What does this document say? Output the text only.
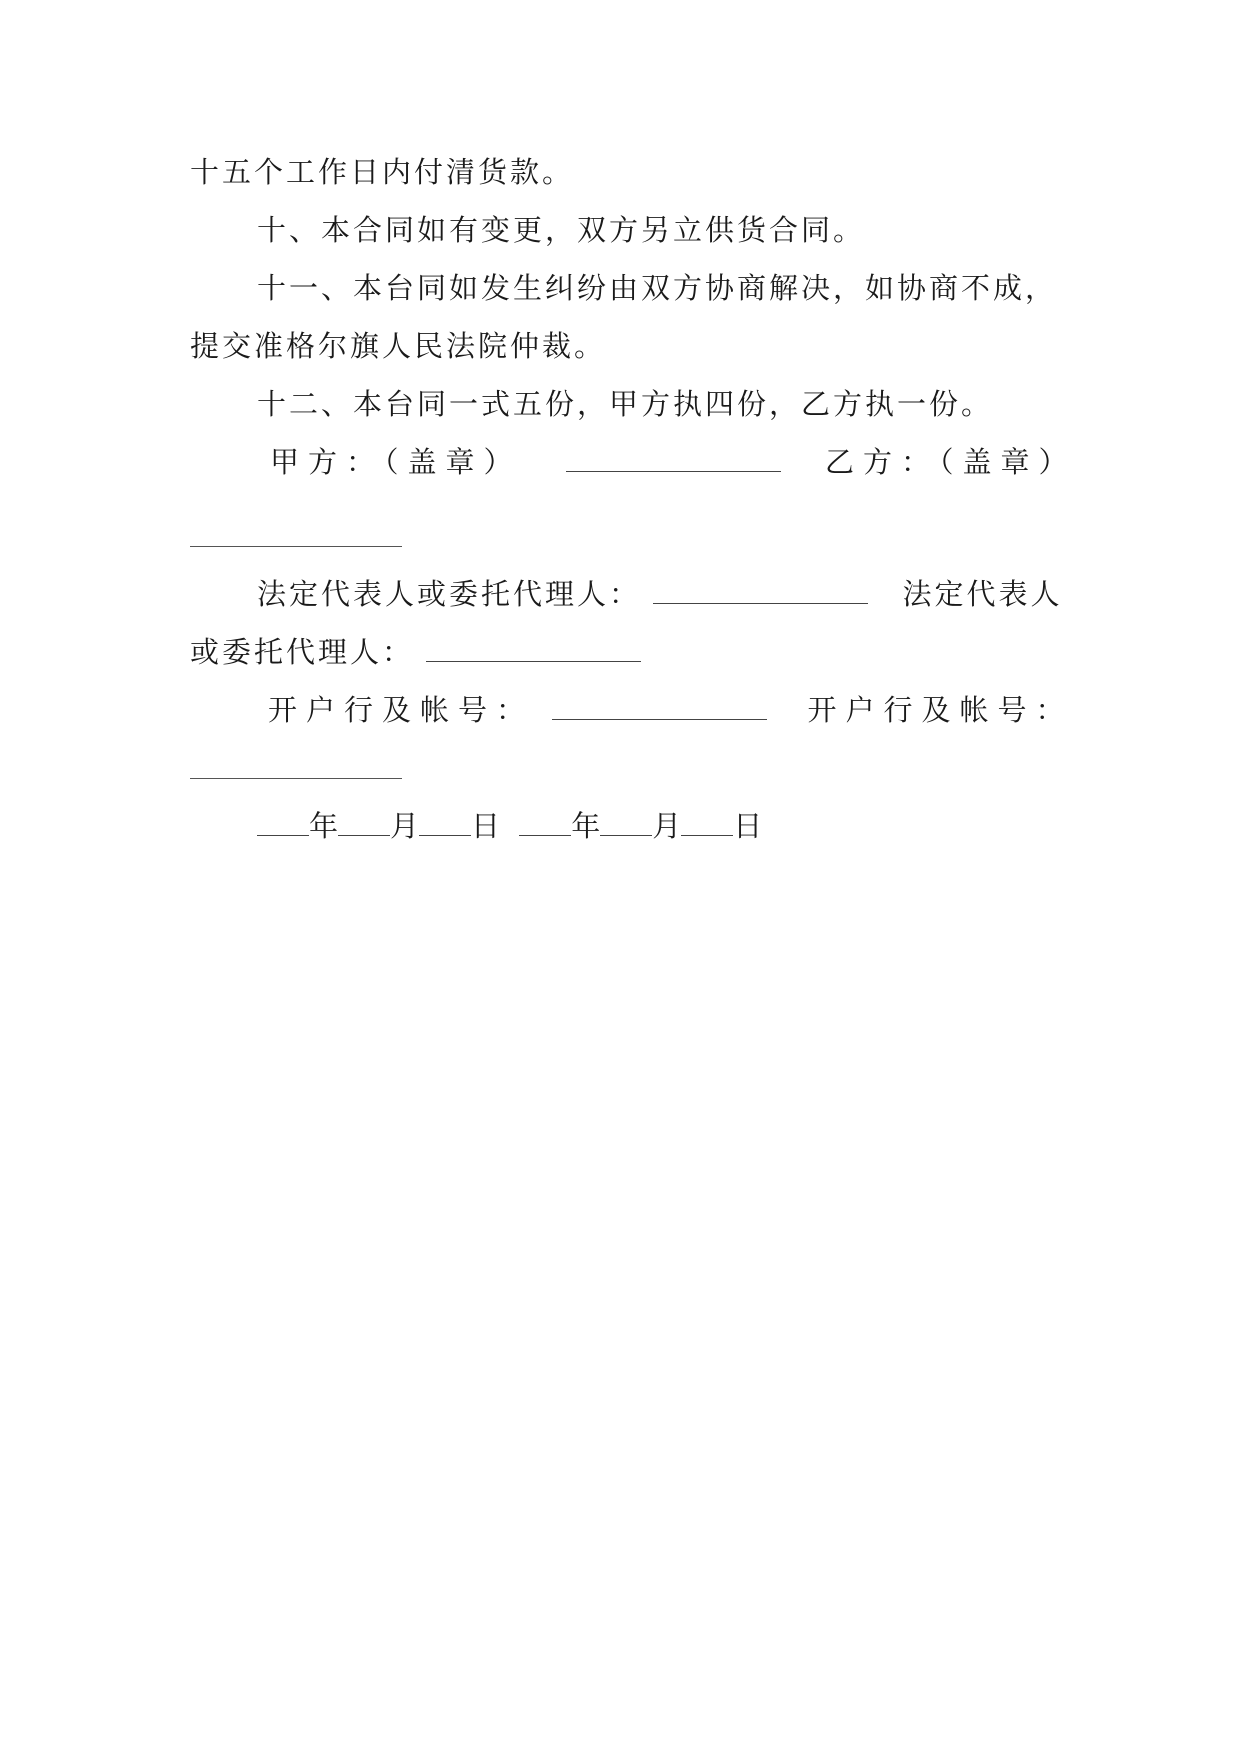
十五个工作日内付清货款。
十、本合同如有变更，双方另立供货合同。
十一、本台同如发生纠纷由双方协商解决，如协商不成，
提交准格尔旗人民法院仲裁。
十二、本台同一式五份，甲方执四份，乙方执一份。
甲方：（盖章）	乙方：（盖章）
法定代表人或委托代理人：	法定代表人
或委托代理人：
开户行及帐号：	开户行及帐号：
年 月 日 年 月 日
